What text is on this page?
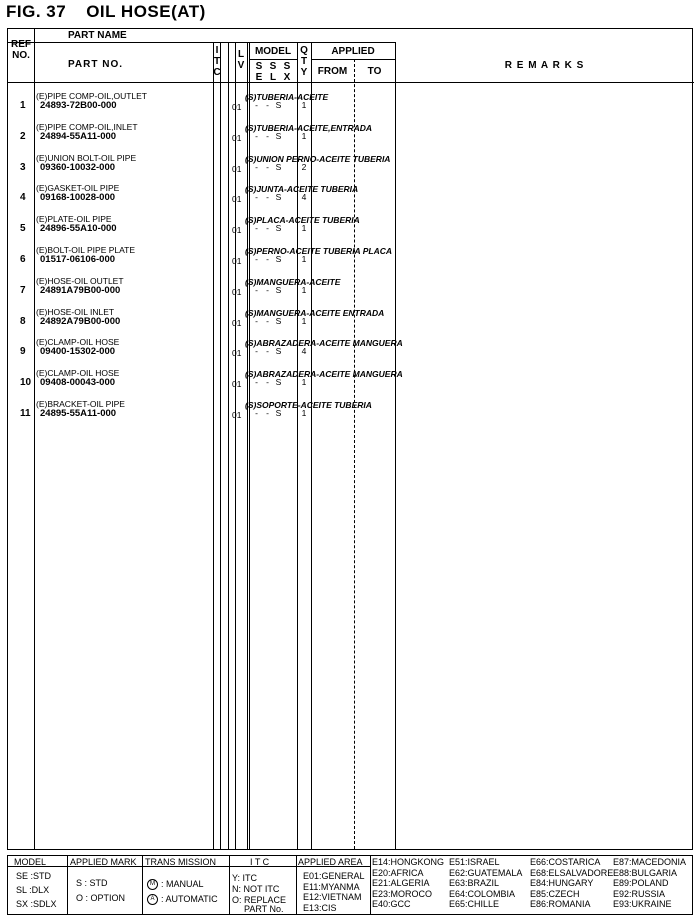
FIG. 37 OIL HOSE(AT)
REF
NO.
PART NAME
PART NO.
I
T
C
L
V
MODEL
S
E
S
L
S
X
Q
T
Y
APPLIED
FROM	TO
R E M A R K S
1
(E)PIPE COMP-OIL,OUTLET
24893-72B00-000	01	- - S	1
(S)TUBERIA-ACEITE
2
(E)PIPE COMP-OIL,INLET
24894-55A11-000	01	- - S	1
(S)TUBERIA-ACEITE,ENTRADA
3
(E)UNION BOLT-OIL PIPE
09360-10032-000	01	- - S	2
(S)UNION PERNO-ACEITE TUBERIA
4
(E)GASKET-OIL PIPE
09168-10028-000	01	- - S	4
(S)JUNTA-ACEITE TUBERIA
5
(E)PLATE-OIL PIPE
24896-55A10-000	01	- - S	1
(S)PLACA-ACEITE TUBERIA
6
(E)BOLT-OIL PIPE PLATE
01517-06106-000	01	- - S	1
(S)PERNO-ACEITE TUBERIA PLACA
7
(E)HOSE-OIL OUTLET
24891A79B00-000	01	- - S	1
(S)MANGUERA-ACEITE
8
(E)HOSE-OIL INLET
24892A79B00-000	01	- - S	1
(S)MANGUERA-ACEITE ENTRADA
9
(E)CLAMP-OIL HOSE
09400-15302-000	01	- - S	4
(S)ABRAZADERA-ACEITE MANGUERA
10
(E)CLAMP-OIL HOSE
09408-00043-000	01	- - S	1
(S)ABRAZADERA-ACEITE MANGUERA
11
(E)BRACKET-OIL PIPE
24895-55A11-000	01	- - S	1
(S)SOPORTE-ACEITE TUBERIA
MODEL
SE :STD
SL :DLX
SX :SDLX
APPLIED MARK
S : STD
O : OPTION
TRANS MISSION
M : MANUAL
A : AUTOMATIC
I T C
Y: ITC
N: NOT ITC
O: REPLACE
PART No.
APPLIED AREA
E01:GENERAL
E11:MYANMA
E12:VIETNAM
E13:CIS
E14:HONGKONG
E20:AFRICA
E21:ALGERIA
E23:MOROCO
E40:GCC
E51:ISRAEL
E62:GUATEMALA
E63:BRAZIL
E64:COLOMBIA
E65:CHILLE
E66:COSTARICA
E68:ELSALVADORE
E84:HUNGARY
E85:CZECH
E86:ROMANIA
E87:MACEDONIA
E88:BULGARIA
E89:POLAND
E92:RUSSIA
E93:UKRAINE
